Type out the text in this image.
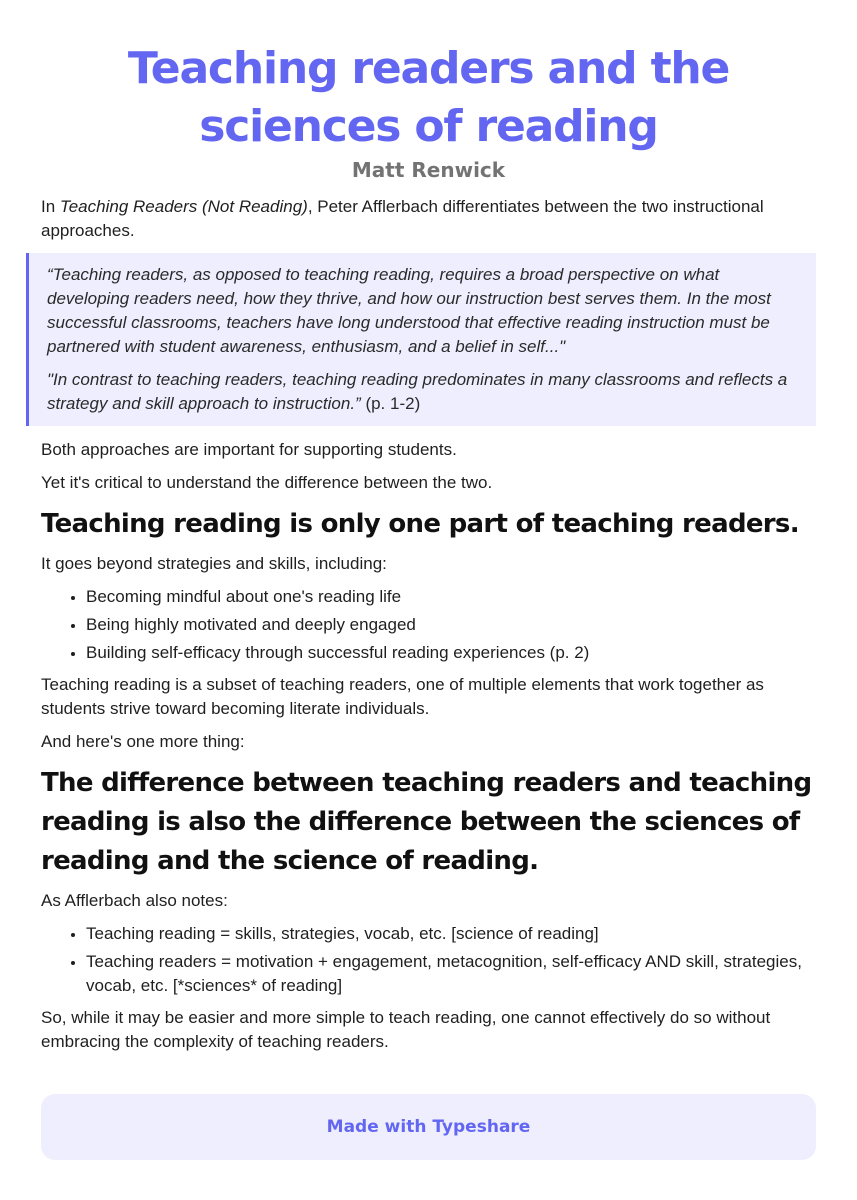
Teaching readers and the sciences of reading
Matt Renwick

In Teaching Readers (Not Reading), Peter Afflerbach differentiates between the two instructional approaches.

“Teaching readers, as opposed to teaching reading, requires a broad perspective on what developing readers need, how they thrive, and how our instruction best serves them. In the most successful classrooms, teachers have long understood that effective reading instruction must be partnered with student awareness, enthusiasm, and a belief in self..."

"In contrast to teaching readers, teaching reading predominates in many classrooms and reflects a strategy and skill approach to instruction.” (p. 1-2)

Both approaches are important for supporting students.

Yet it's critical to understand the difference between the two.

Teaching reading is only one part of teaching readers.

It goes beyond strategies and skills, including:

• Becoming mindful about one's reading life
• Being highly motivated and deeply engaged
• Building self-efficacy through successful reading experiences (p. 2)

Teaching reading is a subset of teaching readers, one of multiple elements that work together as students strive toward becoming literate individuals.

And here's one more thing:

The difference between teaching readers and teaching reading is also the difference between the sciences of reading and the science of reading.

As Afflerbach also notes:

• Teaching reading = skills, strategies, vocab, etc. [science of reading]
• Teaching readers = motivation + engagement, metacognition, self-efficacy AND skill, strategies, vocab, etc. [*sciences* of reading]

So, while it may be easier and more simple to teach reading, one cannot effectively do so without embracing the complexity of teaching readers.

Made with Typeshare
